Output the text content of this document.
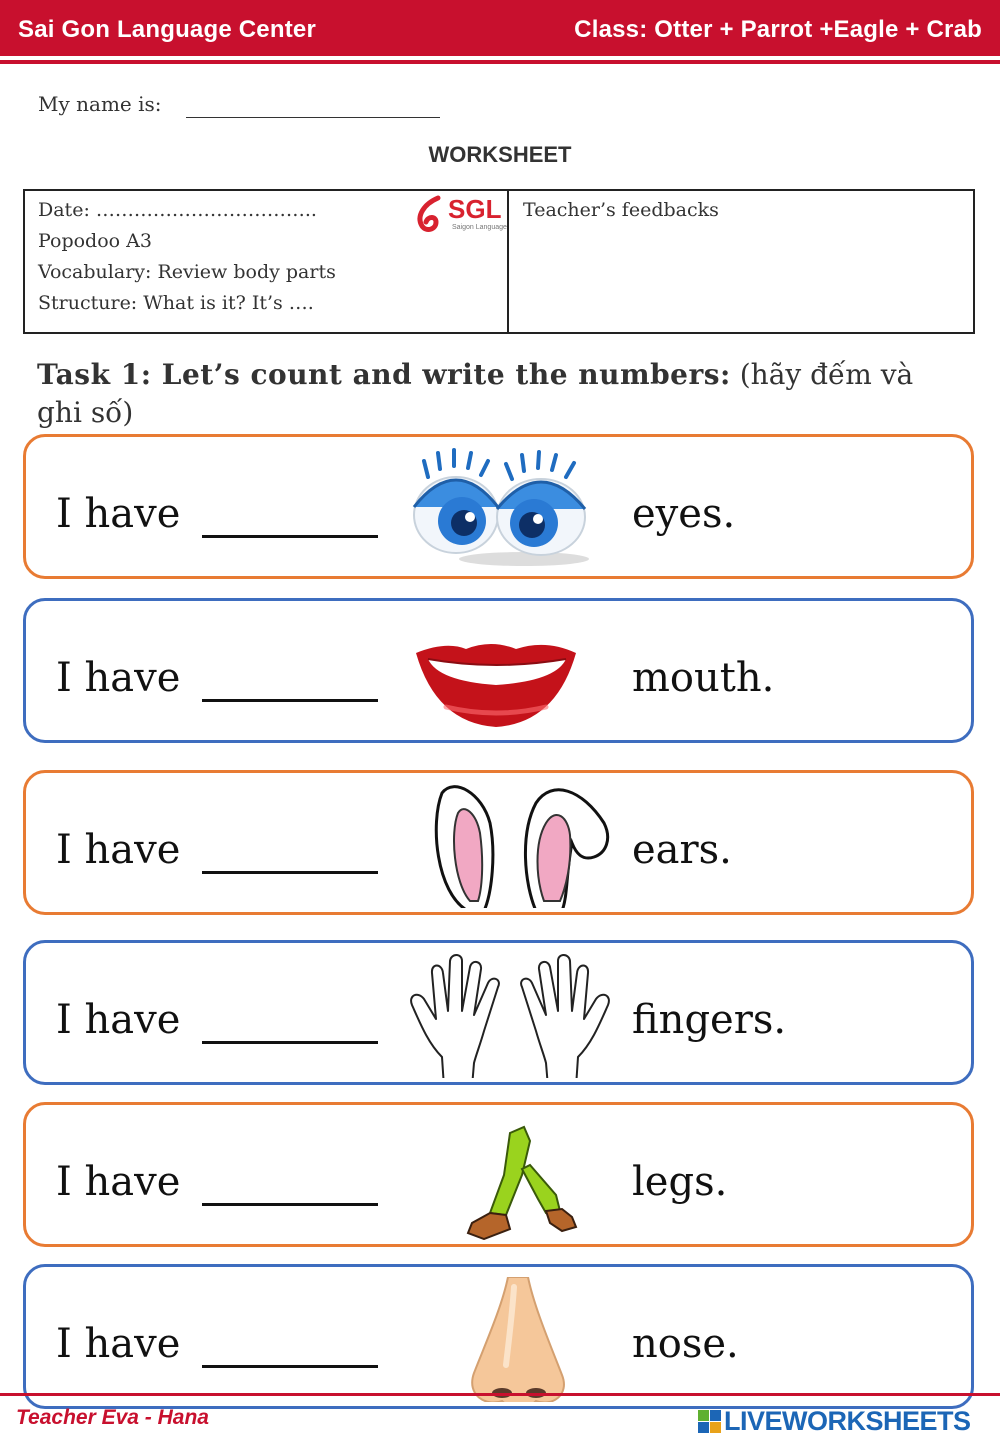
Sai Gon Language Center	Class: Otter + Parrot +Eagle + Crab
My name is:
WORKSHEET
Date: ……………………………..
Popodoo A3
Vocabulary: Review body parts
Structure: What is it? It’s ….
SGL
Saigon Language
Teacher’s feedbacks
Task 1: Let’s count and write the numbers: (hãy đếm và ghi số)
I have	eyes.
I have	mouth.
I have	ears.
I have	fingers.
I have	legs.
I have	nose.
Teacher Eva - Hana	LIVEWORKSHEETS
